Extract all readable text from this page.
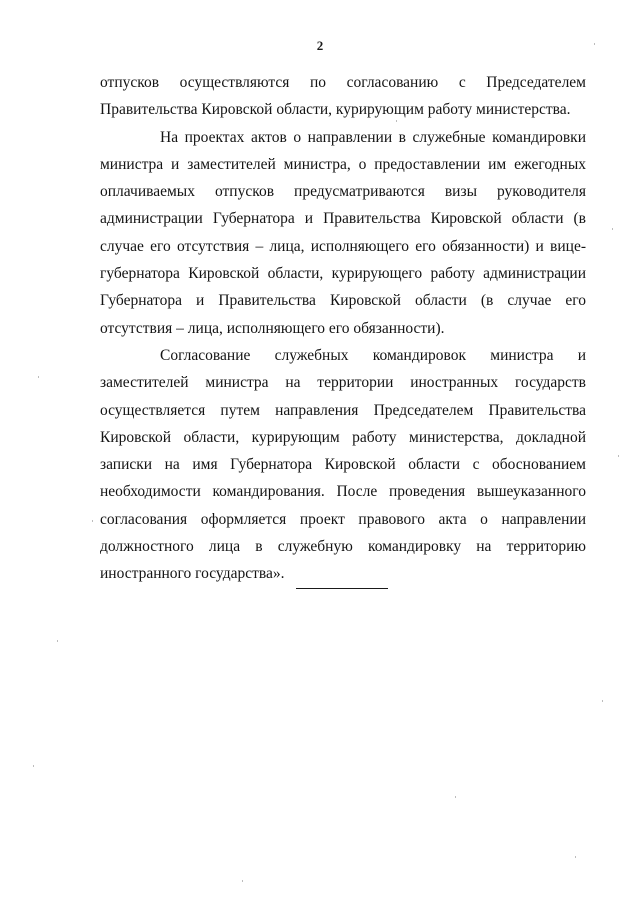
2

отпусков осуществляются по согласованию с Председателем Правительства Кировской области, курирующим работу министерства.

На проектах актов о направлении в служебные командировки министра и заместителей министра, о предоставлении им ежегодных оплачиваемых отпусков предусматриваются визы руководителя администрации Губернатора и Правительства Кировской области (в случае его отсутствия – лица, исполняющего его обязанности) и вице-губернатора Кировской области, курирующего работу администрации Губернатора и Правительства Кировской области (в случае его отсутствия – лица, исполняющего его обязанности).

Согласование служебных командировок министра и заместителей министра на территории иностранных государств осуществляется путем направления Председателем Правительства Кировской области, курирующим работу министерства, докладной записки на имя Губернатора Кировской области с обоснованием необходимости командирования. После проведения вышеуказанного согласования оформляется проект правового акта о направлении должностного лица в служебную командировку на территорию иностранного государства».
